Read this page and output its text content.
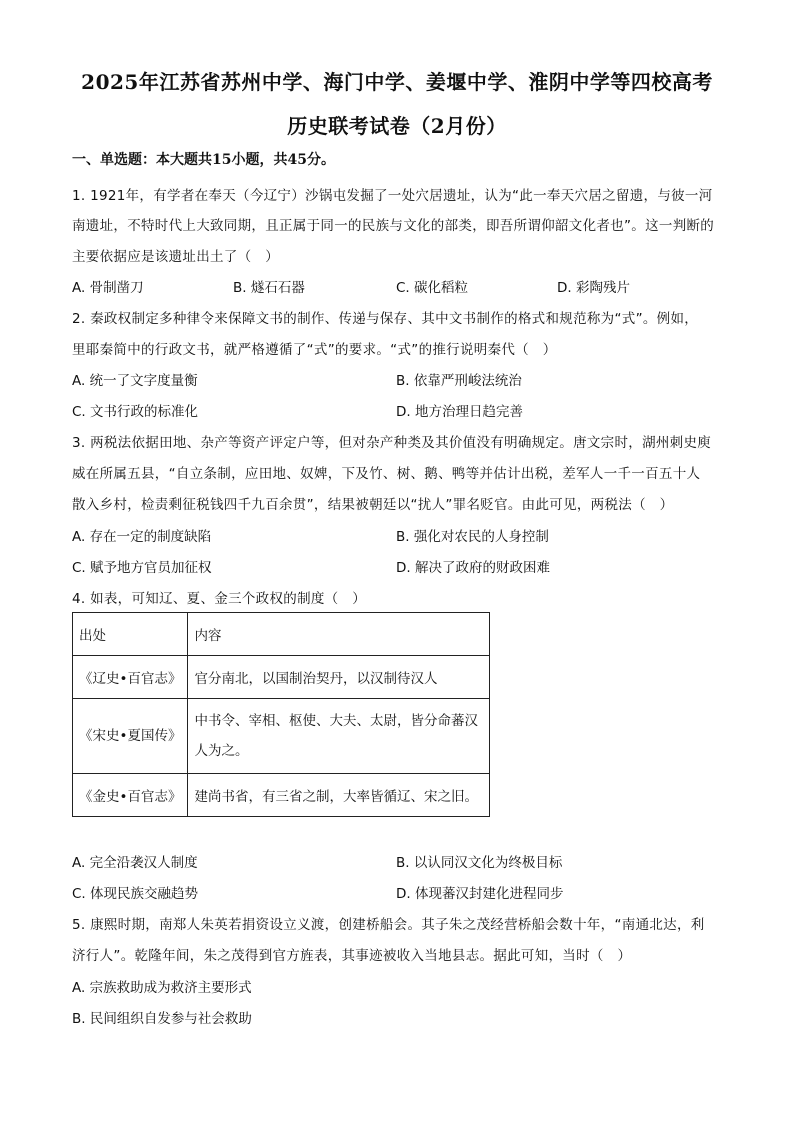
2025年江苏省苏州中学、海门中学、姜堰中学、淮阴中学等四校高考
历史联考试卷（2月份）
一、单选题：本大题共15小题，共45分。
1. 1921年，有学者在奉天（今辽宁）沙锅屯发掘了一处穴居遗址，认为“此一奉天穴居之留遗，与彼一河
南遗址，不特时代上大致同期，且正属于同一的民族与文化的部类，即吾所谓仰韶文化者也”。这一判断的
主要依据应是该遗址出土了（　）
A. 骨制凿刀	B. 燧石石器	C. 碳化稻粒	D. 彩陶残片
2. 秦政权制定多种律令来保障文书的制作、传递与保存、其中文书制作的格式和规范称为“式”。例如，
里耶秦简中的行政文书，就严格遵循了“式”的要求。“式”的推行说明秦代（　）
A. 统一了文字度量衡	B. 依靠严刑峻法统治
C. 文书行政的标准化	D. 地方治理日趋完善
3. 两税法依据田地、杂产等资产评定户等，但对杂产种类及其价值没有明确规定。唐文宗时，湖州刺史庾
威在所属五县，“自立条制，应田地、奴婢，下及竹、树、鹅、鸭等并估计出税，差军人一千一百五十人
散入乡村，检责剩征税钱四千九百余贯”，结果被朝廷以“扰人”罪名贬官。由此可见，两税法（　）
A. 存在一定的制度缺陷	B. 强化对农民的人身控制
C. 赋予地方官员加征权	D. 解决了政府的财政困难
4. 如表，可知辽、夏、金三个政权的制度（　）
出处	内容
《辽史•百官志》	官分南北，以国制治契丹，以汉制待汉人
《宋史•夏国传》	中书令、宰相、枢使、大夫、太尉，皆分命蕃汉人为之。
《金史•百官志》	建尚书省，有三省之制，大率皆循辽、宋之旧。
A. 完全沿袭汉人制度	B. 以认同汉文化为终极目标
C. 体现民族交融趋势	D. 体现蕃汉封建化进程同步
5. 康熙时期，南郑人朱英若捐资设立义渡，创建桥船会。其子朱之茂经营桥船会数十年，“南通北达，利
济行人”。乾隆年间，朱之茂得到官方旌表，其事迹被收入当地县志。据此可知，当时（　）
A. 宗族救助成为救济主要形式
B. 民间组织自发参与社会救助
